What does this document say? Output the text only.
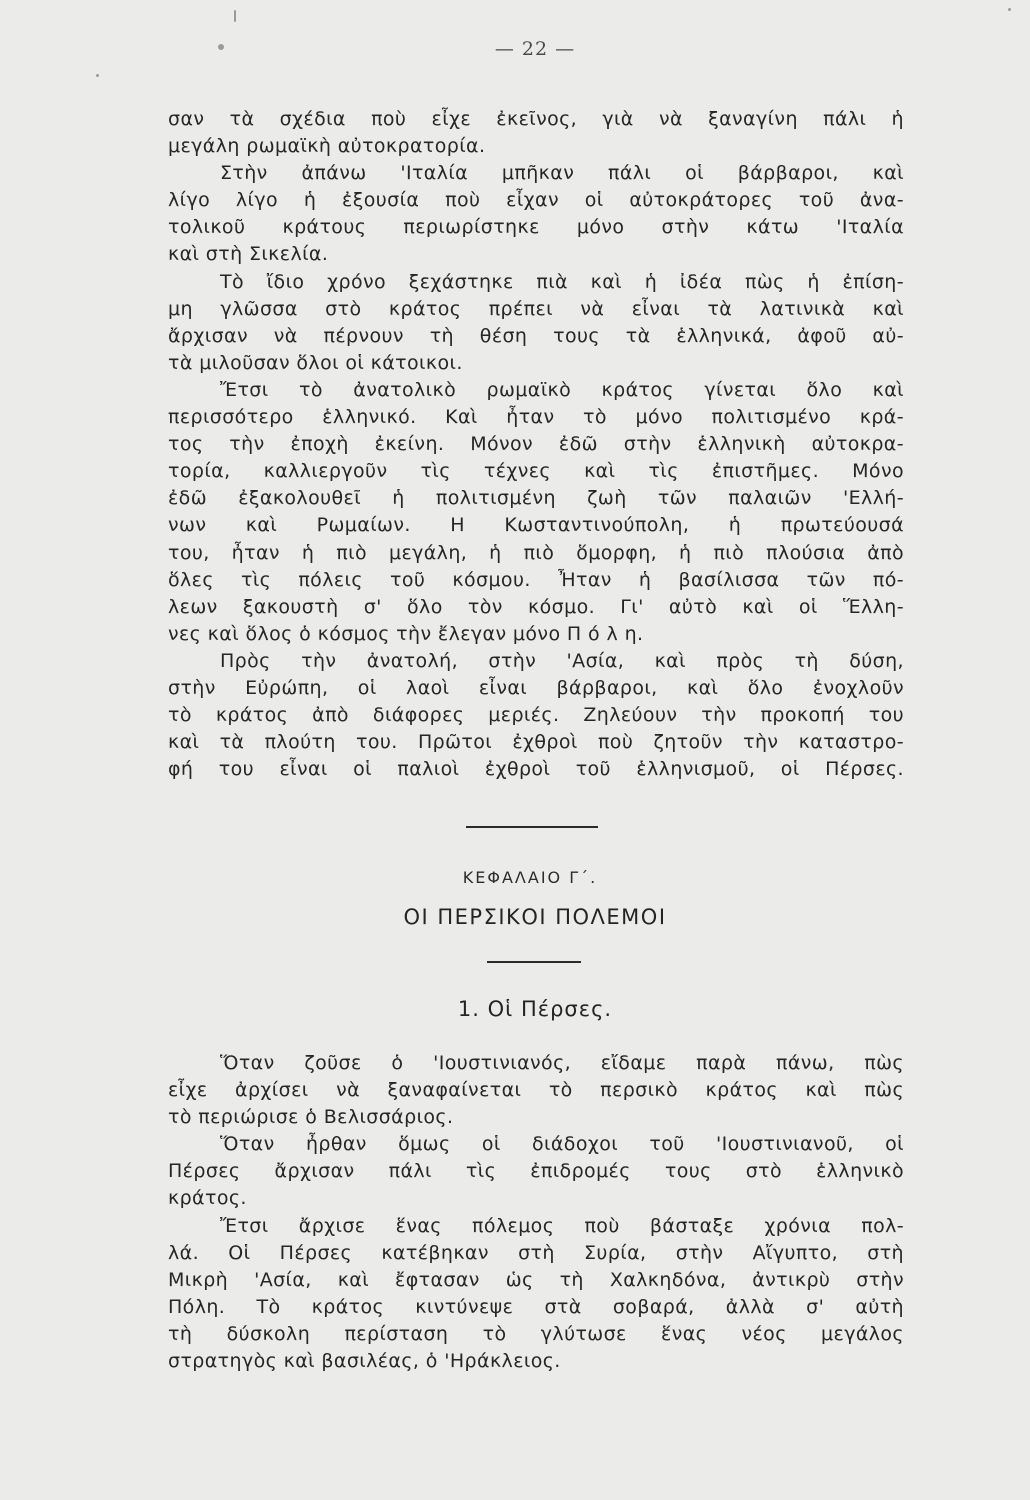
— 22 —
σαν τὰ σχέδια ποὺ εἶχε ἐκεῖνος, γιὰ νὰ ξαναγίνη πάλι ἡ
μεγάλη ρωμαϊκὴ αὐτοκρατορία.
Στὴν ἀπάνω 'Ιταλία μπῆκαν πάλι οἱ βάρβαροι, καὶ
λίγο λίγο ἡ ἐξουσία ποὺ εἶχαν οἱ αὐτοκράτορες τοῦ ἀνα-
τολικοῦ κράτους περιωρίστηκε μόνο στὴν κάτω 'Ιταλία
καὶ στὴ Σικελία.
Τὸ ἴδιο χρόνο ξεχάστηκε πιὰ καὶ ἡ ἰδέα πὼς ἡ ἐπίση-
μη γλῶσσα στὸ κράτος πρέπει νὰ εἶναι τὰ λατινικὰ καὶ
ἄρχισαν νὰ πέρνουν τὴ θέση τους τὰ ἑλληνικά, ἀφοῦ αὐ-
τὰ μιλοῦσαν ὅλοι οἱ κάτοικοι.
Ἔτσι τὸ ἀνατολικὸ ρωμαϊκὸ κράτος γίνεται ὅλο καὶ
περισσότερο ἑλληνικό. Καὶ ἦταν τὸ μόνο πολιτισμένο κρά-
τος τὴν ἐποχὴ ἐκείνη. Μόνον ἐδῶ στὴν ἑλληνικὴ αὐτοκρα-
τορία, καλλιεργοῦν τὶς τέχνες καὶ τὶς ἐπιστῆμες. Μόνο
ἐδῶ ἐξακολουθεῖ ἡ πολιτισμένη ζωὴ τῶν παλαιῶν 'Ελλή-
νων καὶ Ρωμαίων. Η Κωσταντινούπολη, ἡ πρωτεύουσά
του, ἦταν ἡ πιὸ μεγάλη, ἡ πιὸ ὅμορφη, ἡ πιὸ πλούσια ἀπὸ
ὅλες τὶς πόλεις τοῦ κόσμου. Ἦταν ἡ βασίλισσα τῶν πό-
λεων ξακουστὴ σ' ὅλο τὸν κόσμο. Γι' αὐτὸ καὶ οἱ Ἕλλη-
νες καὶ ὅλος ὁ κόσμος τὴν ἔλεγαν μόνο Π ό λ η.
Πρὸς τὴν ἀνατολή, στὴν 'Ασία, καὶ πρὸς τὴ δύση,
στὴν Εὐρώπη, οἱ λαοὶ εἶναι βάρβαροι, καὶ ὅλο ἐνοχλοῦν
τὸ κράτος ἀπὸ διάφορες μεριές. Ζηλεύουν τὴν προκοπή του
καὶ τὰ πλούτη του. Πρῶτοι ἐχθροὶ ποὺ ζητοῦν τὴν καταστρο-
φή του εἶναι οἱ παλιοὶ ἐχθροὶ τοῦ ἑλληνισμοῦ, οἱ Πέρσες.
ΚΕΦΑΛΑΙΟ Γ΄.
ΟΙ ΠΕΡΣΙΚΟΙ ΠΟΛΕΜΟΙ
1. Οἱ Πέρσες.
Ὅταν ζοῦσε ὁ 'Ιουστινιανός, εἴδαμε παρὰ πάνω, πὼς
εἶχε ἀρχίσει νὰ ξαναφαίνεται τὸ περσικὸ κράτος καὶ πὼς
τὸ περιώρισε ὁ Βελισσάριος.
Ὅταν ἦρθαν ὅμως οἱ διάδοχοι τοῦ 'Ιουστινιανοῦ, οἱ
Πέρσες ἄρχισαν πάλι τὶς ἐπιδρομές τους στὸ ἑλληνικὸ
κράτος.
Ἔτσι ἄρχισε ἕνας πόλεμος ποὺ βάσταξε χρόνια πολ-
λά. Οἱ Πέρσες κατέβηκαν στὴ Συρία, στὴν Αἴγυπτο, στὴ
Μικρὴ 'Ασία, καὶ ἔφτασαν ὡς τὴ Χαλκηδόνα, ἀντικρὺ στὴν
Πόλη. Τὸ κράτος κιντύνεψε στὰ σοβαρά, ἀλλὰ σ' αὐτὴ
τὴ δύσκολη περίσταση τὸ γλύτωσε ἕνας νέος μεγάλος
στρατηγὸς καὶ βασιλέας, ὁ 'Ηράκλειος.
